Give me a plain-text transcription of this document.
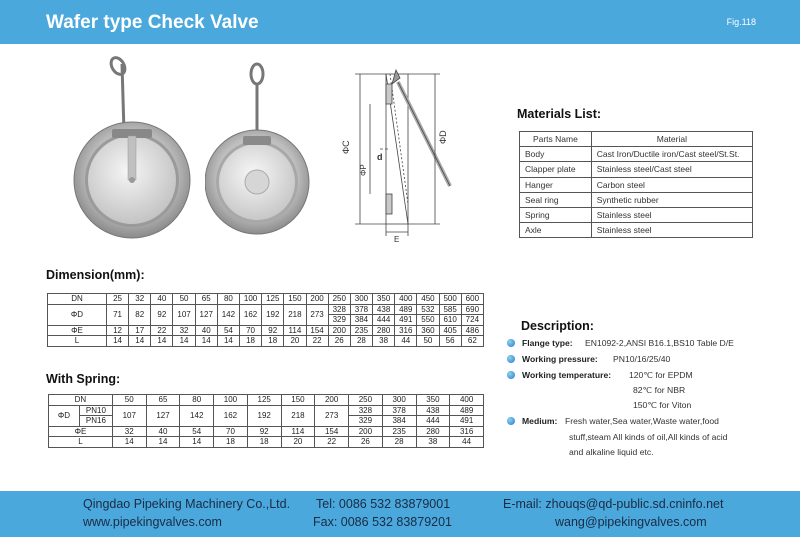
Wafer type Check Valve	Fig.118
ΦC
ΦP
d
ΦD
E
Materials List:
Parts Name	Material
Body	Cast Iron/Ductile iron/Cast steel/St.St.
Clapper plate	Stainless steel/Cast steel
Hanger	Carbon steel
Seal ring	Synthetic rubber
Spring	Stainless steel
Axle	Stainless steel
Dimension(mm):
DN	25	32	40	50	65	80	100	125	150	200	250	300	350	400	450	500	600
ΦD	71	82	92	107	127	142	162	192	218	273	328	378	438	489	532	585	690
											329	384	444	491	550	610	724
ΦE	12	17	22	32	40	54	70	92	114	154	200	235	280	316	360	405	486
L	14	14	14	14	14	14	18	18	20	22	26	28	38	44	50	56	62
With Spring:
DN		50	65	80	100	125	150	200	250	300	350	400
ΦD	PN10	107	127	142	162	192	218	273	328	378	438	489
	PN16								329	384	444	491
ΦE		32	40	54	70	92	114	154	200	235	280	316
L		14	14	14	18	18	20	22	26	28	38	44
Description:
Flange type: EN1092-2,ANSI B16.1,BS10 Table D/E
Working pressure: PN10/16/25/40
Working temperature: 120℃ for EPDM
82℃ for NBR
150℃ for Viton
Medium: Fresh water,Sea water,Waste water,food
stuff,steam All kinds of oil,All kinds of acid
and alkaline liquid etc.
Qingdao Pipeking Machinery Co.,Ltd.
www.pipekingvalves.com
Tel: 0086 532 83879001
Fax: 0086 532 83879201
E-mail: zhouqs@qd-public.sd.cninfo.net
wang@pipekingvalves.com
